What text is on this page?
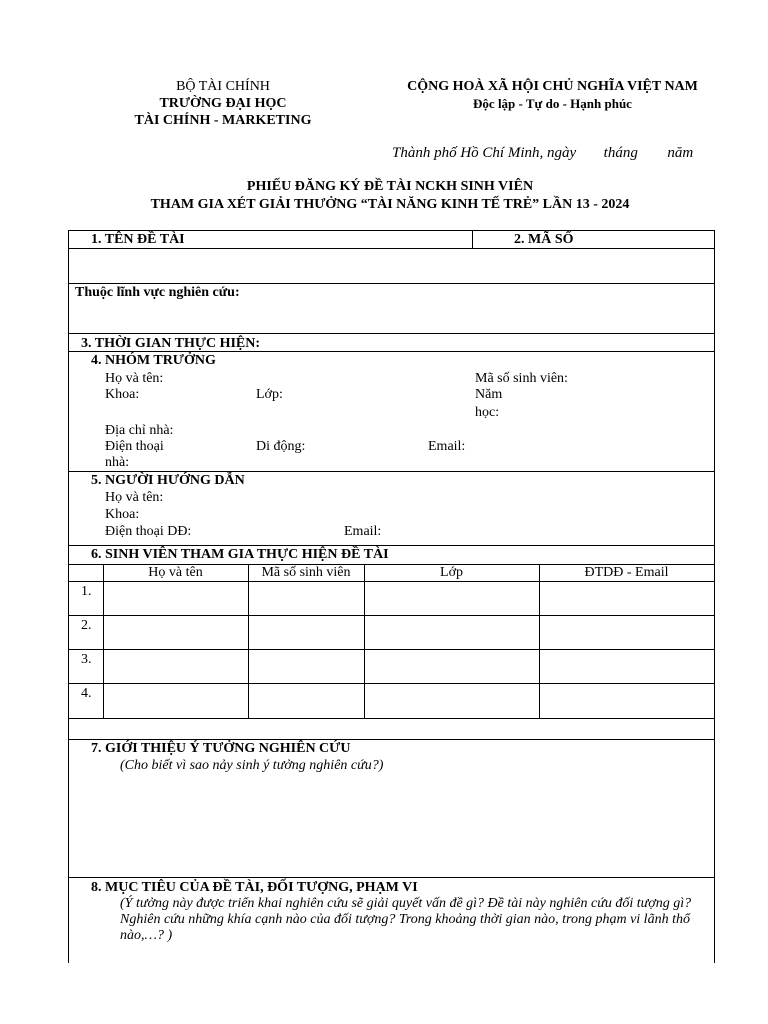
BỘ TÀI CHÍNH
TRƯỜNG ĐẠI HỌC
TÀI CHÍNH - MARKETING
CỘNG HOÀ XÃ HỘI CHỦ NGHĨA VIỆT NAM
Độc lập - Tự do - Hạnh phúc
Thành phố Hồ Chí Minh, ngày tháng năm
PHIẾU ĐĂNG KÝ ĐỀ TÀI NCKH SINH VIÊN
THAM GIA XÉT GIẢI THƯỞNG “TÀI NĂNG KINH TẾ TRẺ” LẦN 13 - 2024
1. TÊN ĐỀ TÀI	2. MÃ SỐ
Thuộc lĩnh vực nghiên cứu:
3. THỜI GIAN THỰC HIỆN:
4. NHÓM TRƯỞNG
Họ và tên:	Mã số sinh viên:
Khoa:	Lớp:	Năm
học:
Địa chỉ nhà:
Điện thoại	Di động:	Email:
nhà:
5. NGƯỜI HƯỚNG DẪN
Họ và tên:
Khoa:
Điện thoại DĐ:	Email:
6. SINH VIÊN THAM GIA THỰC HIỆN ĐỀ TÀI
Họ và tên	Mã số sinh viên	Lớp	ĐTDĐ - Email
1.
2.
3.
4.
7. GIỚI THIỆU Ý TƯỞNG NGHIÊN CỨU
(Cho biết vì sao nảy sinh ý tưởng nghiên cứu?)
8. MỤC TIÊU CỦA ĐỀ TÀI, ĐỐI TƯỢNG, PHẠM VI
(Ý tưởng này được triển khai nghiên cứu sẽ giải quyết vấn đề gì? Đề tài này nghiên cứu đối tượng gì? Nghiên cứu những khía cạnh nào của đối tượng? Trong khoảng thời gian nào, trong phạm vi lãnh thổ nào,…? )
